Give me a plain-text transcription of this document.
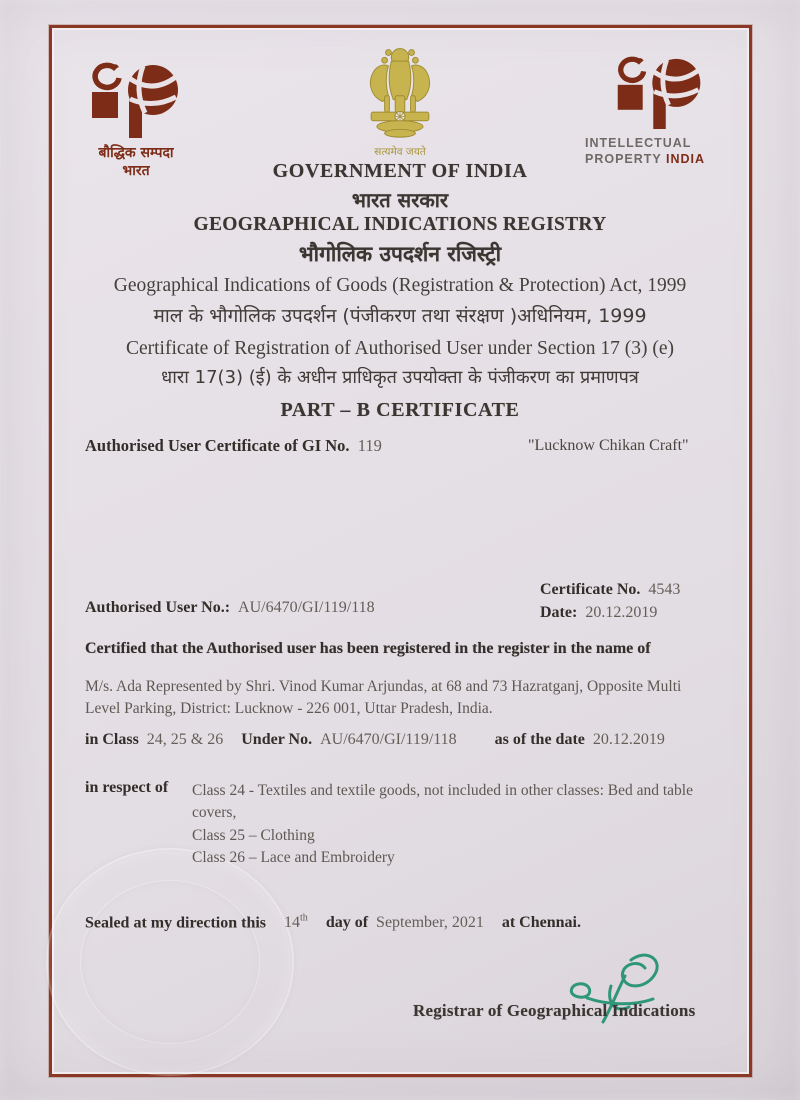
बौद्धिक सम्पदा
भारत
सत्यमेव जयते
INTELLECTUAL
PROPERTY INDIA
GOVERNMENT OF INDIA
भारत सरकार
GEOGRAPHICAL INDICATIONS REGISTRY
भौगोलिक उपदर्शन रजिस्ट्री
Geographical Indications of Goods (Registration & Protection) Act, 1999
माल के भौगोलिक उपदर्शन (पंजीकरण तथा संरक्षण )अधिनियम, 1999
Certificate of Registration of Authorised User under Section 17 (3) (e)
धारा 17(3) (ई) के अधीन प्राधिकृत उपयोक्ता के पंजीकरण का प्रमाणपत्र
PART – B CERTIFICATE
Authorised User Certificate of GI No. 119	"Lucknow Chikan Craft"
Certificate No. 4543
Date: 20.12.2019
Authorised User No.: AU/6470/GI/119/118
Certified that the Authorised user has been registered in the register in the name of
M/s. Ada Represented by Shri. Vinod Kumar Arjundas, at 68 and 73 Hazratganj, Opposite Multi Level Parking, District: Lucknow - 226 001, Uttar Pradesh, India.
in Class 24, 25 & 26 Under No. AU/6470/GI/119/118 as of the date 20.12.2019
in respect of Class 24 - Textiles and textile goods, not included in other classes: Bed and table covers,
Class 25 – Clothing
Class 26 – Lace and Embroidery
Sealed at my direction this 14th day of September, 2021 at Chennai.
Registrar of Geographical Indications
